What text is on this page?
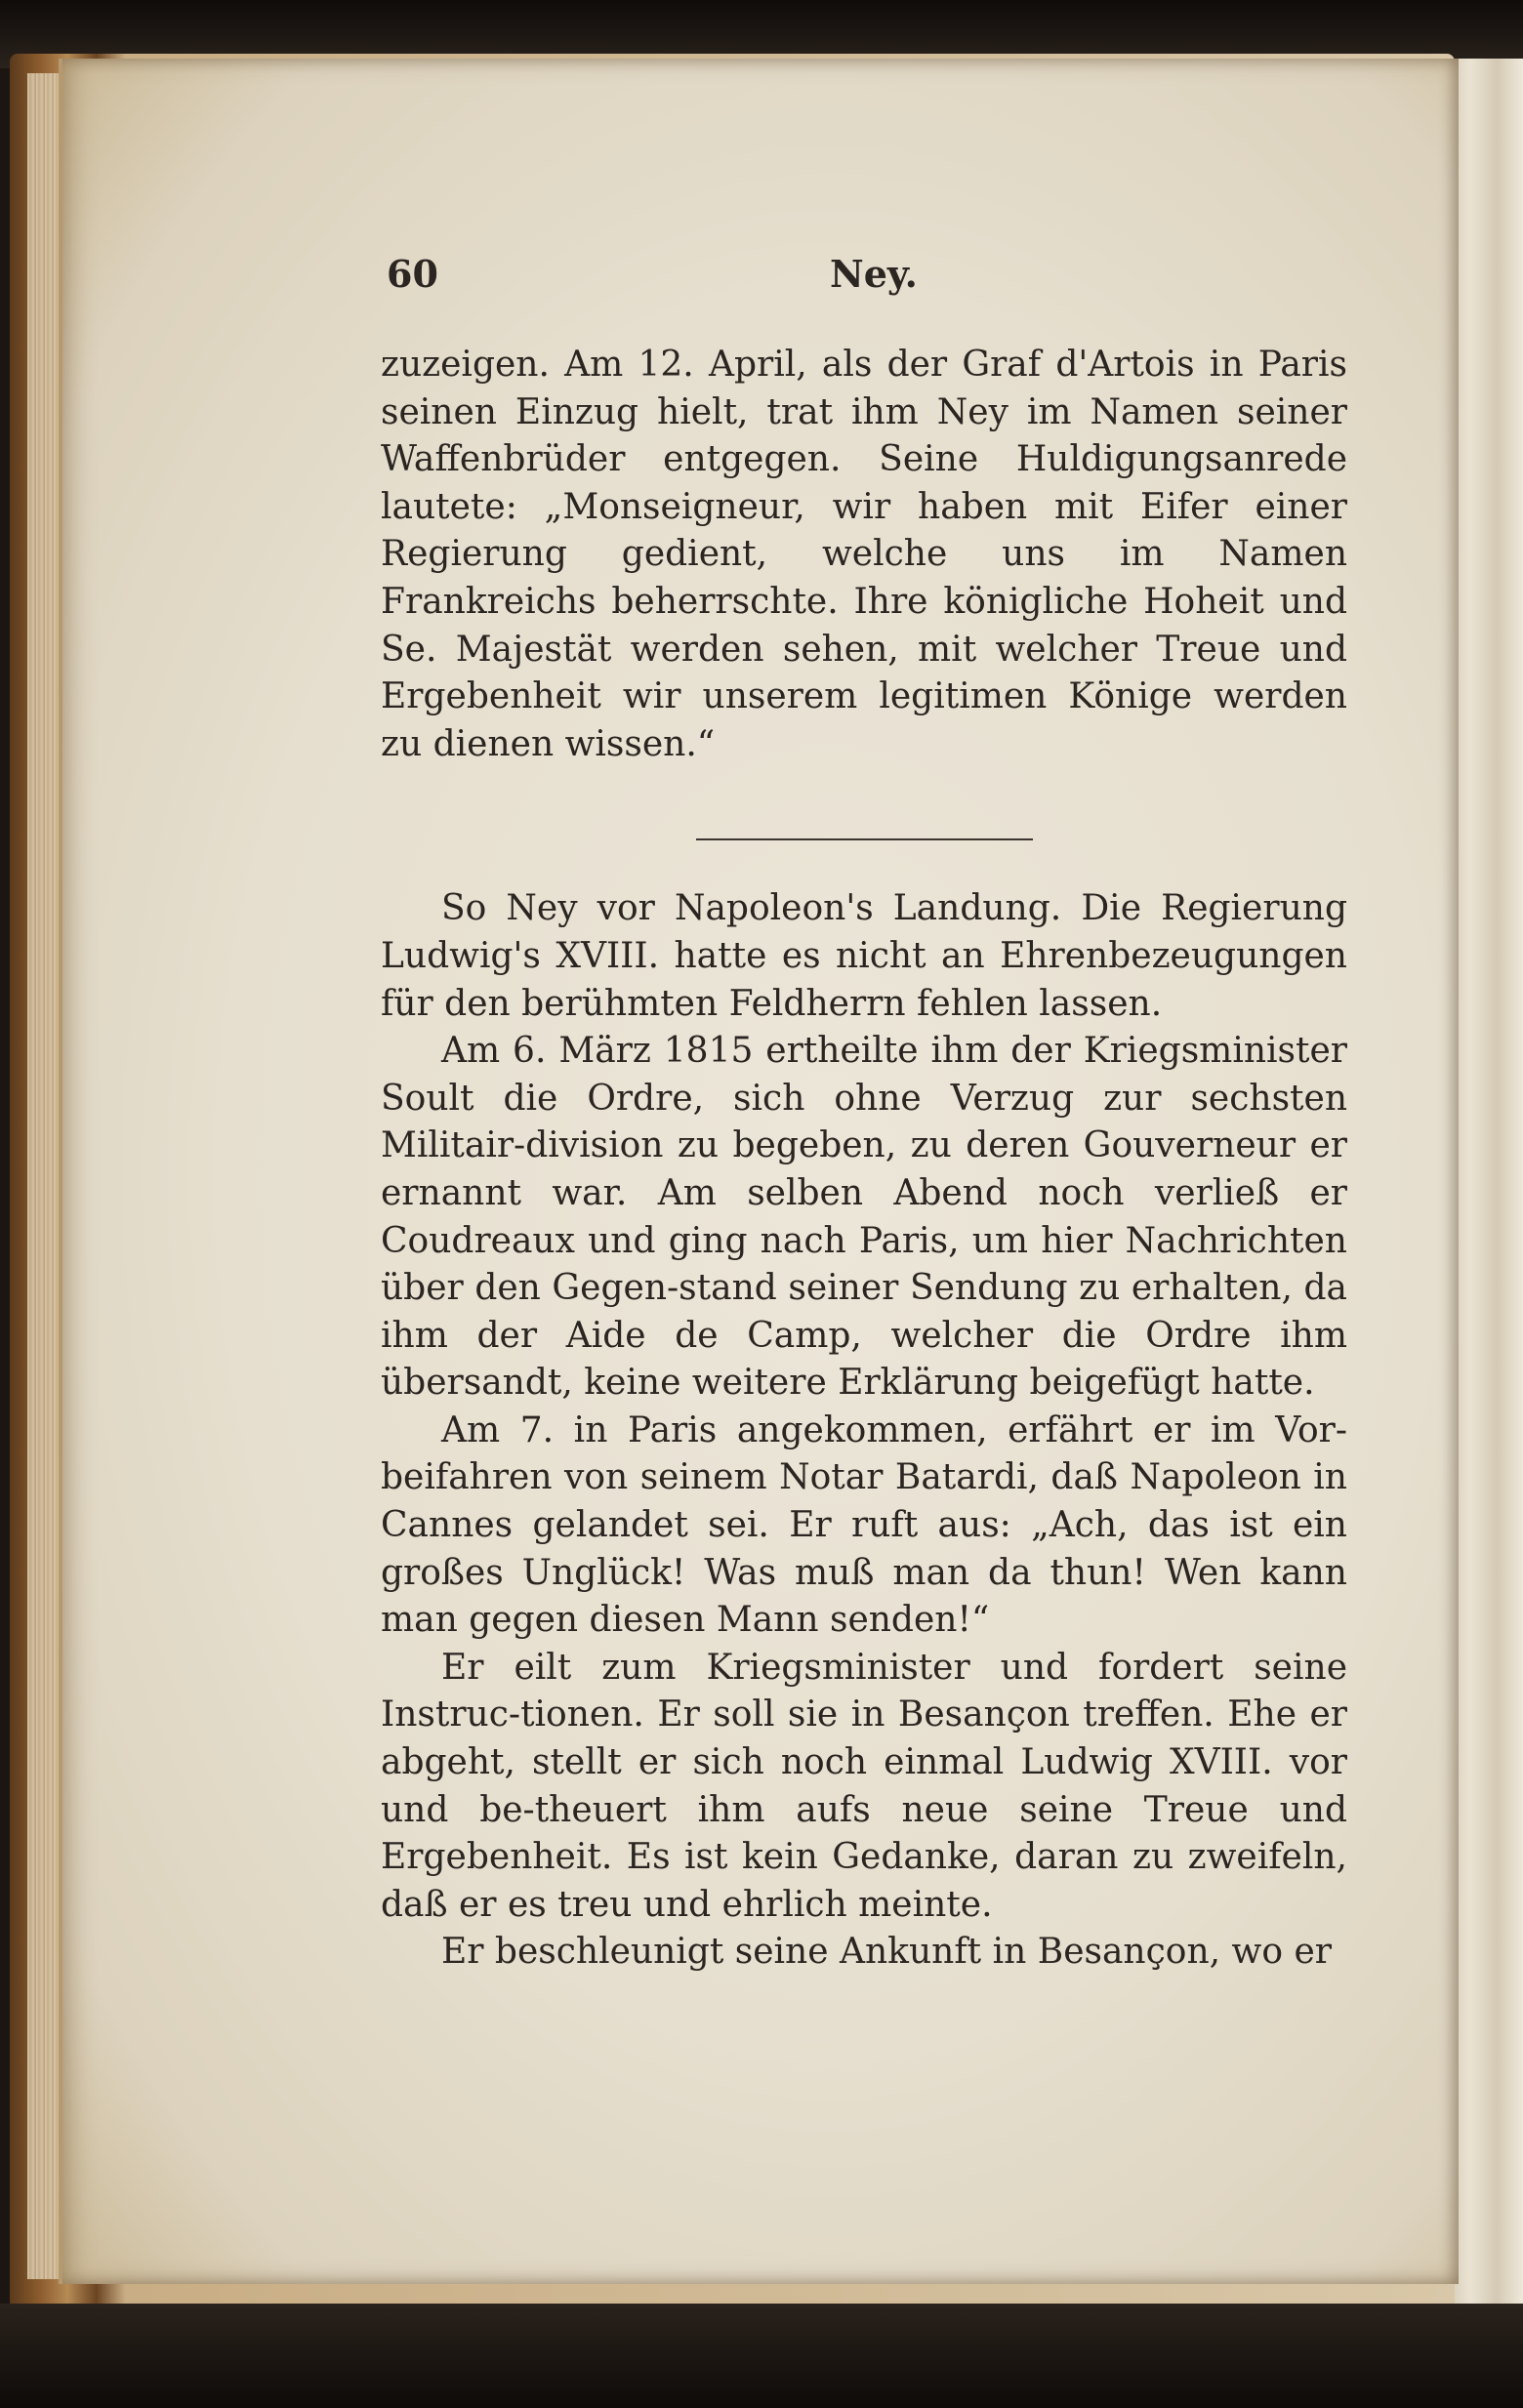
60	Ney.

zuzeigen. Am 12. April, als der Graf d'Artois in Paris seinen Einzug hielt, trat ihm Ney im Namen seiner Waffenbrüder entgegen. Seine Huldigungsanrede lautete: „Monseigneur, wir haben mit Eifer einer Regierung gedient, welche uns im Namen Frankreichs beherrschte. Ihre königliche Hoheit und Se. Majestät werden sehen, mit welcher Treue und Ergebenheit wir unserem legitimen Könige werden zu dienen wissen.“

So Ney vor Napoleon's Landung. Die Regierung Ludwig's XVIII. hatte es nicht an Ehrenbezeugungen für den berühmten Feldherrn fehlen lassen.

Am 6. März 1815 ertheilte ihm der Kriegsminister Soult die Ordre, sich ohne Verzug zur sechsten Militair-division zu begeben, zu deren Gouverneur er ernannt war. Am selben Abend noch verließ er Coudreaux und ging nach Paris, um hier Nachrichten über den Gegen-stand seiner Sendung zu erhalten, da ihm der Aide de Camp, welcher die Ordre ihm übersandt, keine weitere Erklärung beigefügt hatte.

Am 7. in Paris angekommen, erfährt er im Vor-beifahren von seinem Notar Batardi, daß Napoleon in Cannes gelandet sei. Er ruft aus: „Ach, das ist ein großes Unglück! Was muß man da thun! Wen kann man gegen diesen Mann senden!“

Er eilt zum Kriegsminister und fordert seine Instruc-tionen. Er soll sie in Besançon treffen. Ehe er abgeht, stellt er sich noch einmal Ludwig XVIII. vor und be-theuert ihm aufs neue seine Treue und Ergebenheit. Es ist kein Gedanke, daran zu zweifeln, daß er es treu und ehrlich meinte.

Er beschleunigt seine Ankunft in Besançon, wo er
